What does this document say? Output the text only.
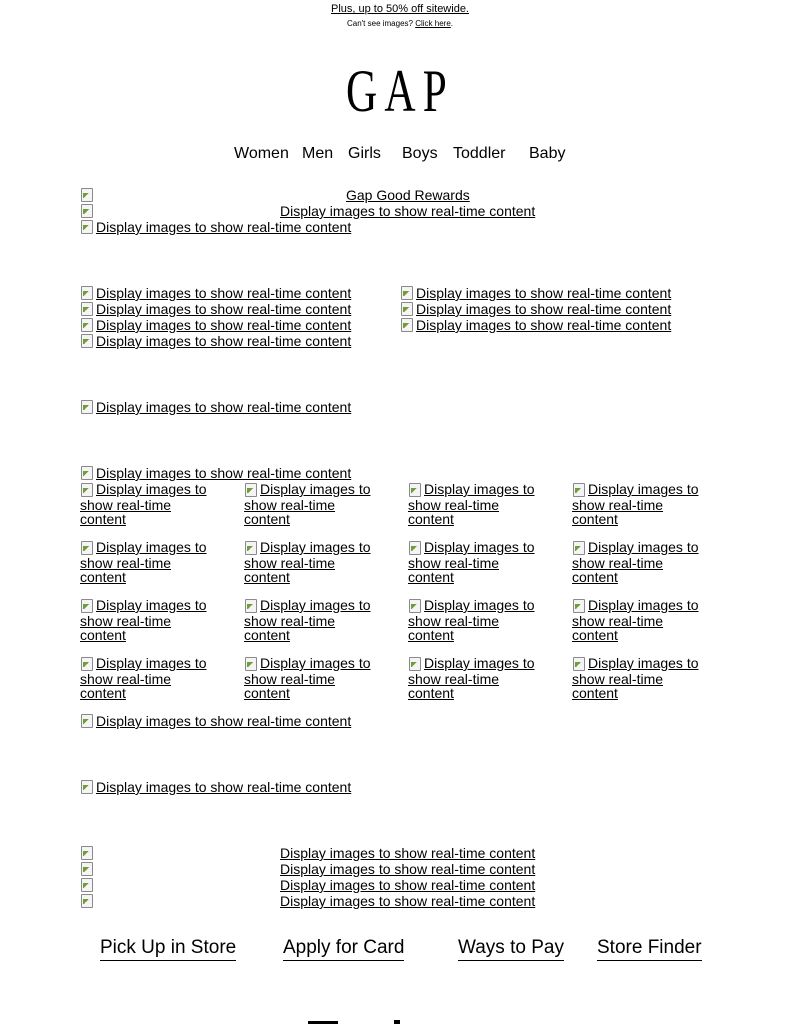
Plus, up to 50% off sitewide.
Can't see images? Click here.
GAP
Women Men Girls Boys Toddler Baby
Gap Good Rewards
Display images to show real-time content
Display images to show real-time content
Display images to show real-time content
Display images to show real-time content
Display images to show real-time content
Display images to show real-time content
Display images to show real-time content
Display images to show real-time content
Display images to show real-time content
Display images to show real-time content
Display images to show real-time content
Display images to show real-time content
Display images to show real-time content
Display images to show real-time content
Display images to show real-time content
Display images to show real-time content
Display images to show real-time content
Display images to show real-time content
Display images to show real-time content
Display images to show real-time content
Display images to show real-time content
Display images to show real-time content
Display images to show real-time content
Display images to show real-time content
Display images to show real-time content
Display images to show real-time content
Display images to show real-time content
Display images to show real-time content
Display images to show real-time content
Display images to show real-time content
Display images to show real-time content
Display images to show real-time content
Display images to show real-time content
Pick Up in Store Apply for Card	Ways to Pay Store Finder
